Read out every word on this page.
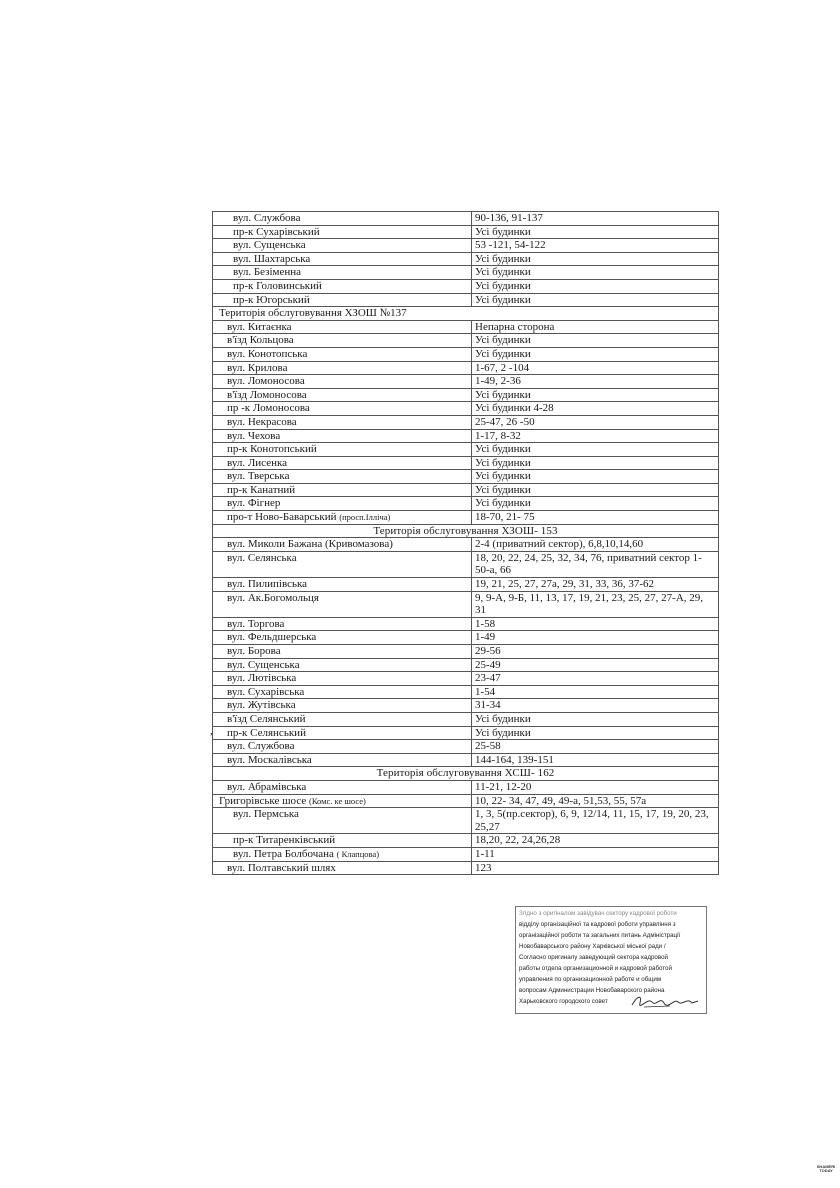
вул. Службова	90-136, 91-137
пр-к Сухарівський	Усі будинки
вул. Сущенська	53 -121, 54-122
вул. Шахтарська	Усі будинки
вул. Безіменна	Усі будинки
пр-к Головинський	Усі будинки
пр-к Югорський	Усі будинки
Територія обслуговування ХЗОШ №137	
вул. Китаєнка	Непарна сторона
в'їзд Кольцова	Усі будинки
вул. Конотопська	Усі будинки
вул. Крилова	1-67, 2 -104
вул. Ломоносова	1-49, 2-36
в'їзд Ломоносова	Усі будинки
пр -к Ломоносова	Усі будинки 4-28
вул. Некрасова	25-47, 26 -50
вул. Чехова	1-17, 8-32
пр-к Конотопський	Усі будинки
вул. Лисенка	Усі будинки
вул. Тверська	Усі будинки
пр-к Канатний	Усі будинки
вул. Фігнер	Усі будинки
про-т Ново-Баварський (просп.Ілліча)	18-70, 21- 75
Територія обслуговування ХЗОШ- 153	
вул. Миколи Бажана (Кривомазова)	2-4 (приватний сектор), 6,8,10,14,60
вул. Селянська	18, 20, 22, 24, 25, 32, 34, 76, приватний сектор 1-50-а, 66
вул. Пилипівська	19, 21, 25, 27, 27а, 29, 31, 33, 36, 37-62
вул. Ак.Богомольця	9, 9-А, 9-Б, 11, 13, 17, 19, 21, 23, 25, 27, 27-А, 29, 31
вул. Торгова	1-58
вул. Фельдшерська	1-49
вул. Борова	29-56
вул. Сущенська	25-49
вул. Лютівська	23-47
вул. Сухарівська	1-54
вул. Жутівська	31-34
в'їзд Селянський	Усі будинки
пр-к Селянський	Усі будинки
вул. Службова	25-58
вул. Москалівська	144-164, 139-151
Територія обслуговування ХСШ- 162	
вул. Абрамівська	11-21, 12-20
Григорівське шосе (Комс. ке шосе)	10, 22- 34, 47, 49, 49-а, 51,53, 55, 57а
вул. Пермська	1, 3, 5(пр.сектор), 6, 9, 12/14, 11, 15, 17, 19, 20, 23, 25,27
пр-к Титаренківський	18,20, 22, 24,26,28
вул. Петра Болбочана ( Клапцова)	1-11
вул. Полтавський шлях	123
,
Згідно з оригіналом завідувач сектору кадрової роботи
відділу організаційної та кадрової роботи управління з
організаційної роботи та загальних питань Адміністрації
Новобаварського району Харківської міської ради /
Согласно оригиналу заведующий сектора кадровой
работы отдела организационной и кадровой работой
управления по организационной работе и общим
вопросам Администрации Новобаварского района
Харьковского городского совет
SHAMERI TODAY
